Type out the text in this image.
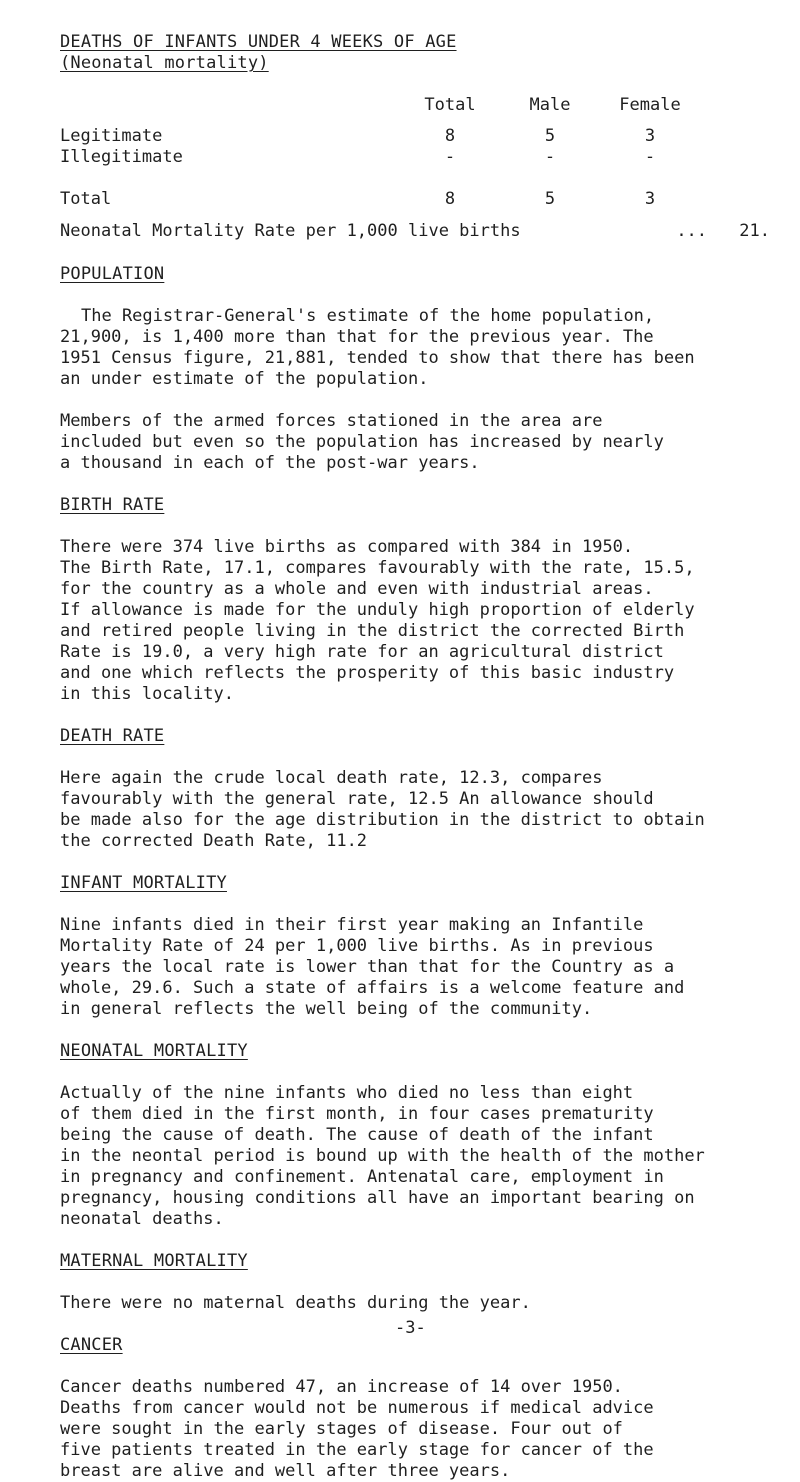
DEATHS OF INFANTS UNDER 4 WEEKS OF AGE

(Neonatal mortality)

	Total	Male	Female

Legitimate	8	5	3
Illegitimate	-	-	-

Total	8	5	3
Neonatal Mortality Rate per 1,000 live births	... 21.

POPULATION

The Registrar-General's estimate of the home population,
21,900, is 1,400 more than that for the previous year. The
1951 Census figure, 21,881, tended to show that there has been
an under estimate of the population.

Members of the armed forces stationed in the area are
included but even so the population has increased by nearly
a thousand in each of the post-war years.

BIRTH RATE

There were 374 live births as compared with 384 in 1950.
The Birth Rate, 17.1, compares favourably with the rate, 15.5,
for the country as a whole and even with industrial areas.
If allowance is made for the unduly high proportion of elderly
and retired people living in the district the corrected Birth
Rate is 19.0, a very high rate for an agricultural district
and one which reflects the prosperity of this basic industry
in this locality.

DEATH RATE

Here again the crude local death rate, 12.3, compares
favourably with the general rate, 12.5 An allowance should
be made also for the age distribution in the district to obtain
the corrected Death Rate, 11.2

INFANT MORTALITY

Nine infants died in their first year making an Infantile
Mortality Rate of 24 per 1,000 live births. As in previous
years the local rate is lower than that for the Country as a
whole, 29.6. Such a state of affairs is a welcome feature and
in general reflects the well being of the community.

NEONATAL MORTALITY

Actually of the nine infants who died no less than eight
of them died in the first month, in four cases prematurity
being the cause of death. The cause of death of the infant
in the neontal period is bound up with the health of the mother
in pregnancy and confinement. Antenatal care, employment in
pregnancy, housing conditions all have an important bearing on
neonatal deaths.

MATERNAL MORTALITY

There were no maternal deaths during the year.

CANCER

Cancer deaths numbered 47, an increase of 14 over 1950.
Deaths from cancer would not be numerous if medical advice
were sought in the early stages of disease. Four out of
five patients treated in the early stage for cancer of the
breast are alive and well after three years.

-3-
